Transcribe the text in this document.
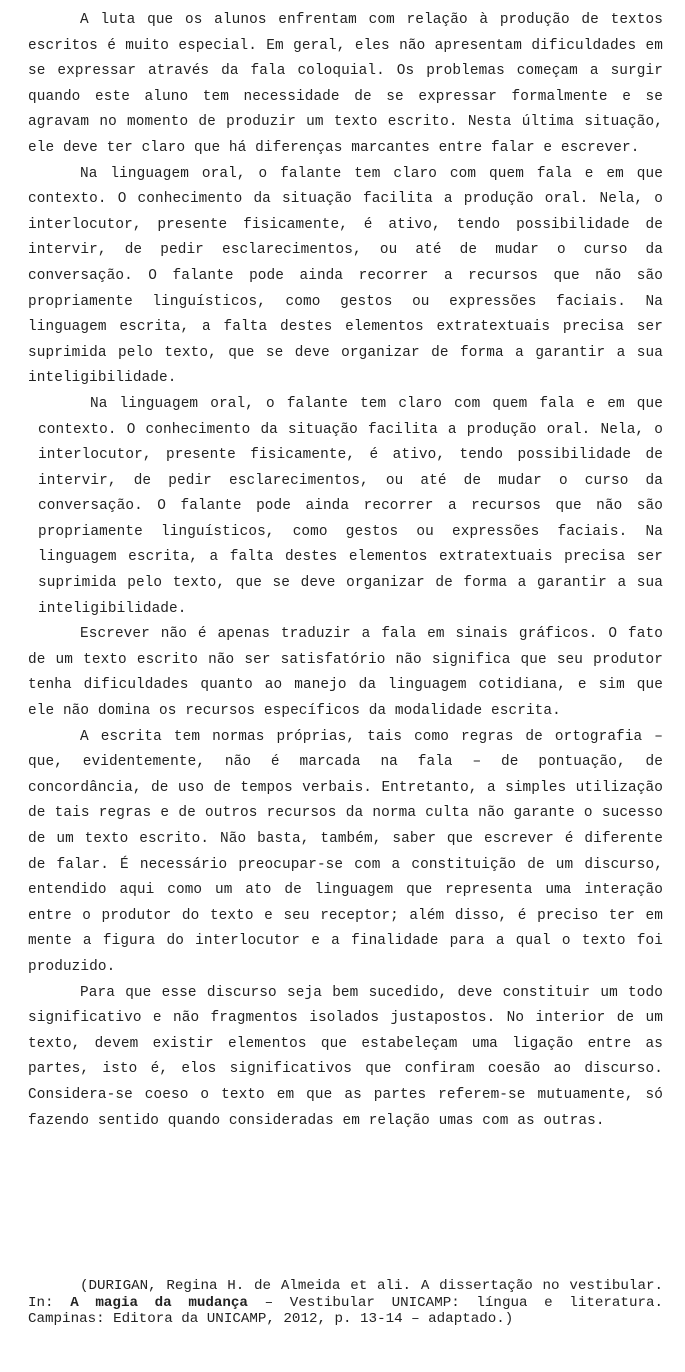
A luta que os alunos enfrentam com relação à produção de textos escritos é muito especial. Em geral, eles não apresentam dificuldades em se expressar através da fala coloquial. Os problemas começam a surgir quando este aluno tem necessidade de se expressar formalmente e se agravam no momento de produzir um texto escrito. Nesta última situação, ele deve ter claro que há diferenças marcantes entre falar e escrever.

Na linguagem oral, o falante tem claro com quem fala e em que contexto. O conhecimento da situação facilita a produção oral. Nela, o interlocutor, presente fisicamente, é ativo, tendo possibilidade de intervir, de pedir esclarecimentos, ou até de mudar o curso da conversação. O falante pode ainda recorrer a recursos que não são propriamente linguísticos, como gestos ou expressões faciais. Na linguagem escrita, a falta destes elementos extratextuais precisa ser suprimida pelo texto, que se deve organizar de forma a garantir a sua inteligibilidade.

Na linguagem oral, o falante tem claro com quem fala e em que contexto. O conhecimento da situação facilita a produção oral. Nela, o interlocutor, presente fisicamente, é ativo, tendo possibilidade de intervir, de pedir esclarecimentos, ou até de mudar o curso da conversação. O falante pode ainda recorrer a recursos que não são propriamente linguísticos, como gestos ou expressões faciais. Na linguagem escrita, a falta destes elementos extratextuais precisa ser suprimida pelo texto, que se deve organizar de forma a garantir a sua inteligibilidade.

Escrever não é apenas traduzir a fala em sinais gráficos. O fato de um texto escrito não ser satisfatório não significa que seu produtor tenha dificuldades quanto ao manejo da linguagem cotidiana, e sim que ele não domina os recursos específicos da modalidade escrita.

A escrita tem normas próprias, tais como regras de ortografia – que, evidentemente, não é marcada na fala – de pontuação, de concordância, de uso de tempos verbais. Entretanto, a simples utilização de tais regras e de outros recursos da norma culta não garante o sucesso de um texto escrito. Não basta, também, saber que escrever é diferente de falar. É necessário preocupar-se com a constituição de um discurso, entendido aqui como um ato de linguagem que representa uma interação entre o produtor do texto e seu receptor; além disso, é preciso ter em mente a figura do interlocutor e a finalidade para a qual o texto foi produzido.

Para que esse discurso seja bem sucedido, deve constituir um todo significativo e não fragmentos isolados justapostos. No interior de um texto, devem existir elementos que estabeleçam uma ligação entre as partes, isto é, elos significativos que confiram coesão ao discurso. Considera-se coeso o texto em que as partes referem-se mutuamente, só fazendo sentido quando consideradas em relação umas com as outras.

(DURIGAN, Regina H. de Almeida et ali. A dissertação no vestibular. In: A magia da mudança – Vestibular UNICAMP: língua e literatura. Campinas: Editora da UNICAMP, 2012, p. 13-14 – adaptado.)
